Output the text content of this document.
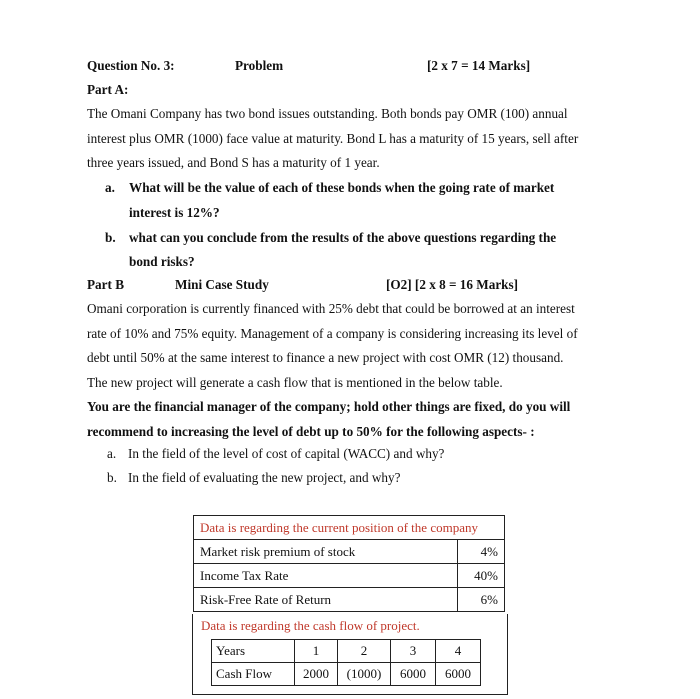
Question No. 3:	Problem	[2 x 7 = 14 Marks]
Part A:
The Omani Company has two bond issues outstanding. Both bonds pay OMR (100) annual
interest plus OMR (1000) face value at maturity. Bond L has a maturity of 15 years, sell after
three years issued, and Bond S has a maturity of 1 year.
a. What will be the value of each of these bonds when the going rate of market
interest is 12%?
b. what can you conclude from the results of the above questions regarding the
bond risks?
Part B	Mini Case Study	[O2] [2 x 8 = 16 Marks]
Omani corporation is currently financed with 25% debt that could be borrowed at an interest
rate of 10% and 75% equity. Management of a company is considering increasing its level of
debt until 50% at the same interest to finance a new project with cost OMR (12) thousand.
The new project will generate a cash flow that is mentioned in the below table.
You are the financial manager of the company; hold other things are fixed, do you will
recommend to increasing the level of debt up to 50% for the following aspects- :
a. In the field of the level of cost of capital (WACC) and why?
b. In the field of evaluating the new project, and why?
Data is regarding the current position of the company	
Market risk premium of stock	4%
Income Tax Rate	40%
Risk-Free Rate of Return	6%
Data is regarding the cash flow of project.
Years	1	2	3	4
Cash Flow	2000	(1000)	6000	6000
